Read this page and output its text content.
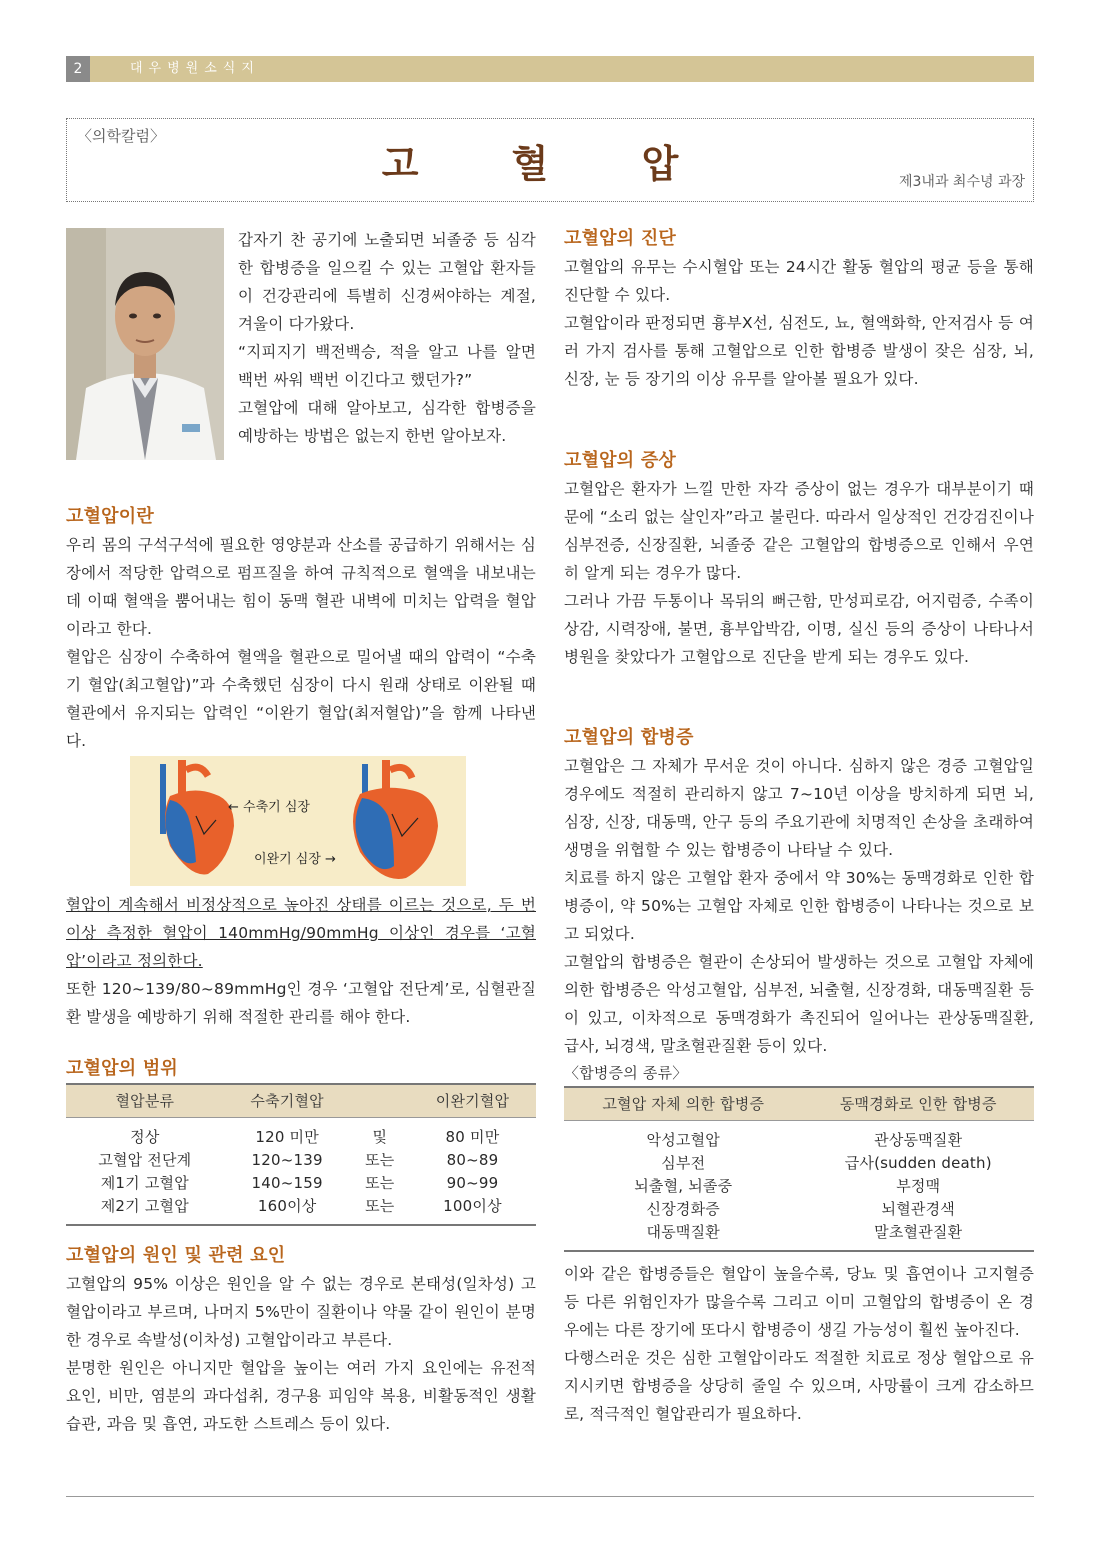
2	대우병원소식지
〈의학칼럼〉
고 혈 압	제3내과 최수녕 과장

갑자기 찬 공기에 노출되면 뇌졸중 등 심각한 합병증을 일으킬 수 있는 고혈압 환자들이 건강관리에 특별히 신경써야하는 계절, 겨울이 다가왔다.

“지피지기 백전백승, 적을 알고 나를 알면 백번 싸워 백번 이긴다고 했던가?”

고혈압에 대해 알아보고, 심각한 합병증을 예방하는 방법은 없는지 한번 알아보자.

고혈압이란

우리 몸의 구석구석에 필요한 영양분과 산소를 공급하기 위해서는 심장에서 적당한 압력으로 펌프질을 하여 규칙적으로 혈액을 내보내는데 이때 혈액을 뿜어내는 힘이 동맥 혈관 내벽에 미치는 압력을 혈압이라고 한다.

혈압은 심장이 수축하여 혈액을 혈관으로 밀어낼 때의 압력이 “수축기 혈압(최고혈압)”과 수축했던 심장이 다시 원래 상태로 이완될 때 혈관에서 유지되는 압력인 “이완기 혈압(최저혈압)”을 함께 나타낸다.

← 수축기 심장
이완기 심장 →

혈압이 계속해서 비정상적으로 높아진 상태를 이르는 것으로, 두 번 이상 측정한 혈압이 140mmHg/90mmHg 이상인 경우를 ‘고혈압’이라고 정의한다.

또한 120~139/80~89mmHg인 경우 ‘고혈압 전단계’로, 심혈관질환 발생을 예방하기 위해 적절한 관리를 해야 한다.

고혈압의 범위
혈압분류	수축기혈압		이완기혈압
정상	120 미만	및	80 미만
고혈압 전단계	120~139	또는	80~89
제1기 고혈압	140~159	또는	90~99
제2기 고혈압	160이상	또는	100이상
고혈압의 원인 및 관련 요인

고혈압의 95% 이상은 원인을 알 수 없는 경우로 본태성(일차성) 고혈압이라고 부르며, 나머지 5%만이 질환이나 약물 같이 원인이 분명한 경우로 속발성(이차성) 고혈압이라고 부른다.

분명한 원인은 아니지만 혈압을 높이는 여러 가지 요인에는 유전적 요인, 비만, 염분의 과다섭취, 경구용 피임약 복용, 비활동적인 생활습관, 과음 및 흡연, 과도한 스트레스 등이 있다.

고혈압의 진단

고혈압의 유무는 수시혈압 또는 24시간 활동 혈압의 평균 등을 통해 진단할 수 있다.

고혈압이라 판정되면 흉부X선, 심전도, 뇨, 혈액화학, 안저검사 등 여러 가지 검사를 통해 고혈압으로 인한 합병증 발생이 잦은 심장, 뇌, 신장, 눈 등 장기의 이상 유무를 알아볼 필요가 있다.

고혈압의 증상

고혈압은 환자가 느낄 만한 자각 증상이 없는 경우가 대부분이기 때문에 “소리 없는 살인자”라고 불린다. 따라서 일상적인 건강검진이나 심부전증, 신장질환, 뇌졸중 같은 고혈압의 합병증으로 인해서 우연히 알게 되는 경우가 많다.

그러나 가끔 두통이나 목뒤의 뻐근함, 만성피로감, 어지럼증, 수족이상감, 시력장애, 불면, 흉부압박감, 이명, 실신 등의 증상이 나타나서 병원을 찾았다가 고혈압으로 진단을 받게 되는 경우도 있다.

고혈압의 합병증

고혈압은 그 자체가 무서운 것이 아니다. 심하지 않은 경증 고혈압일 경우에도 적절히 관리하지 않고 7~10년 이상을 방치하게 되면 뇌, 심장, 신장, 대동맥, 안구 등의 주요기관에 치명적인 손상을 초래하여 생명을 위협할 수 있는 합병증이 나타날 수 있다.

치료를 하지 않은 고혈압 환자 중에서 약 30%는 동맥경화로 인한 합병증이, 약 50%는 고혈압 자체로 인한 합병증이 나타나는 것으로 보고 되었다.

고혈압의 합병증은 혈관이 손상되어 발생하는 것으로 고혈압 자체에 의한 합병증은 악성고혈압, 심부전, 뇌출혈, 신장경화, 대동맥질환 등이 있고, 이차적으로 동맥경화가 촉진되어 일어나는 관상동맥질환, 급사, 뇌경색, 말초혈관질환 등이 있다.

〈합병증의 종류〉
고혈압 자체 의한 합병증	동맥경화로 인한 합병증
악성고혈압	관상동맥질환
심부전	급사(sudden death)
뇌출혈, 뇌졸중	부정맥
신장경화증	뇌혈관경색
대동맥질환	말초혈관질환

이와 같은 합병증들은 혈압이 높을수록, 당뇨 및 흡연이나 고지혈증 등 다른 위험인자가 많을수록 그리고 이미 고혈압의 합병증이 온 경우에는 다른 장기에 또다시 합병증이 생길 가능성이 훨씬 높아진다.

다행스러운 것은 심한 고혈압이라도 적절한 치료로 정상 혈압으로 유지시키면 합병증을 상당히 줄일 수 있으며, 사망률이 크게 감소하므로, 적극적인 혈압관리가 필요하다.
